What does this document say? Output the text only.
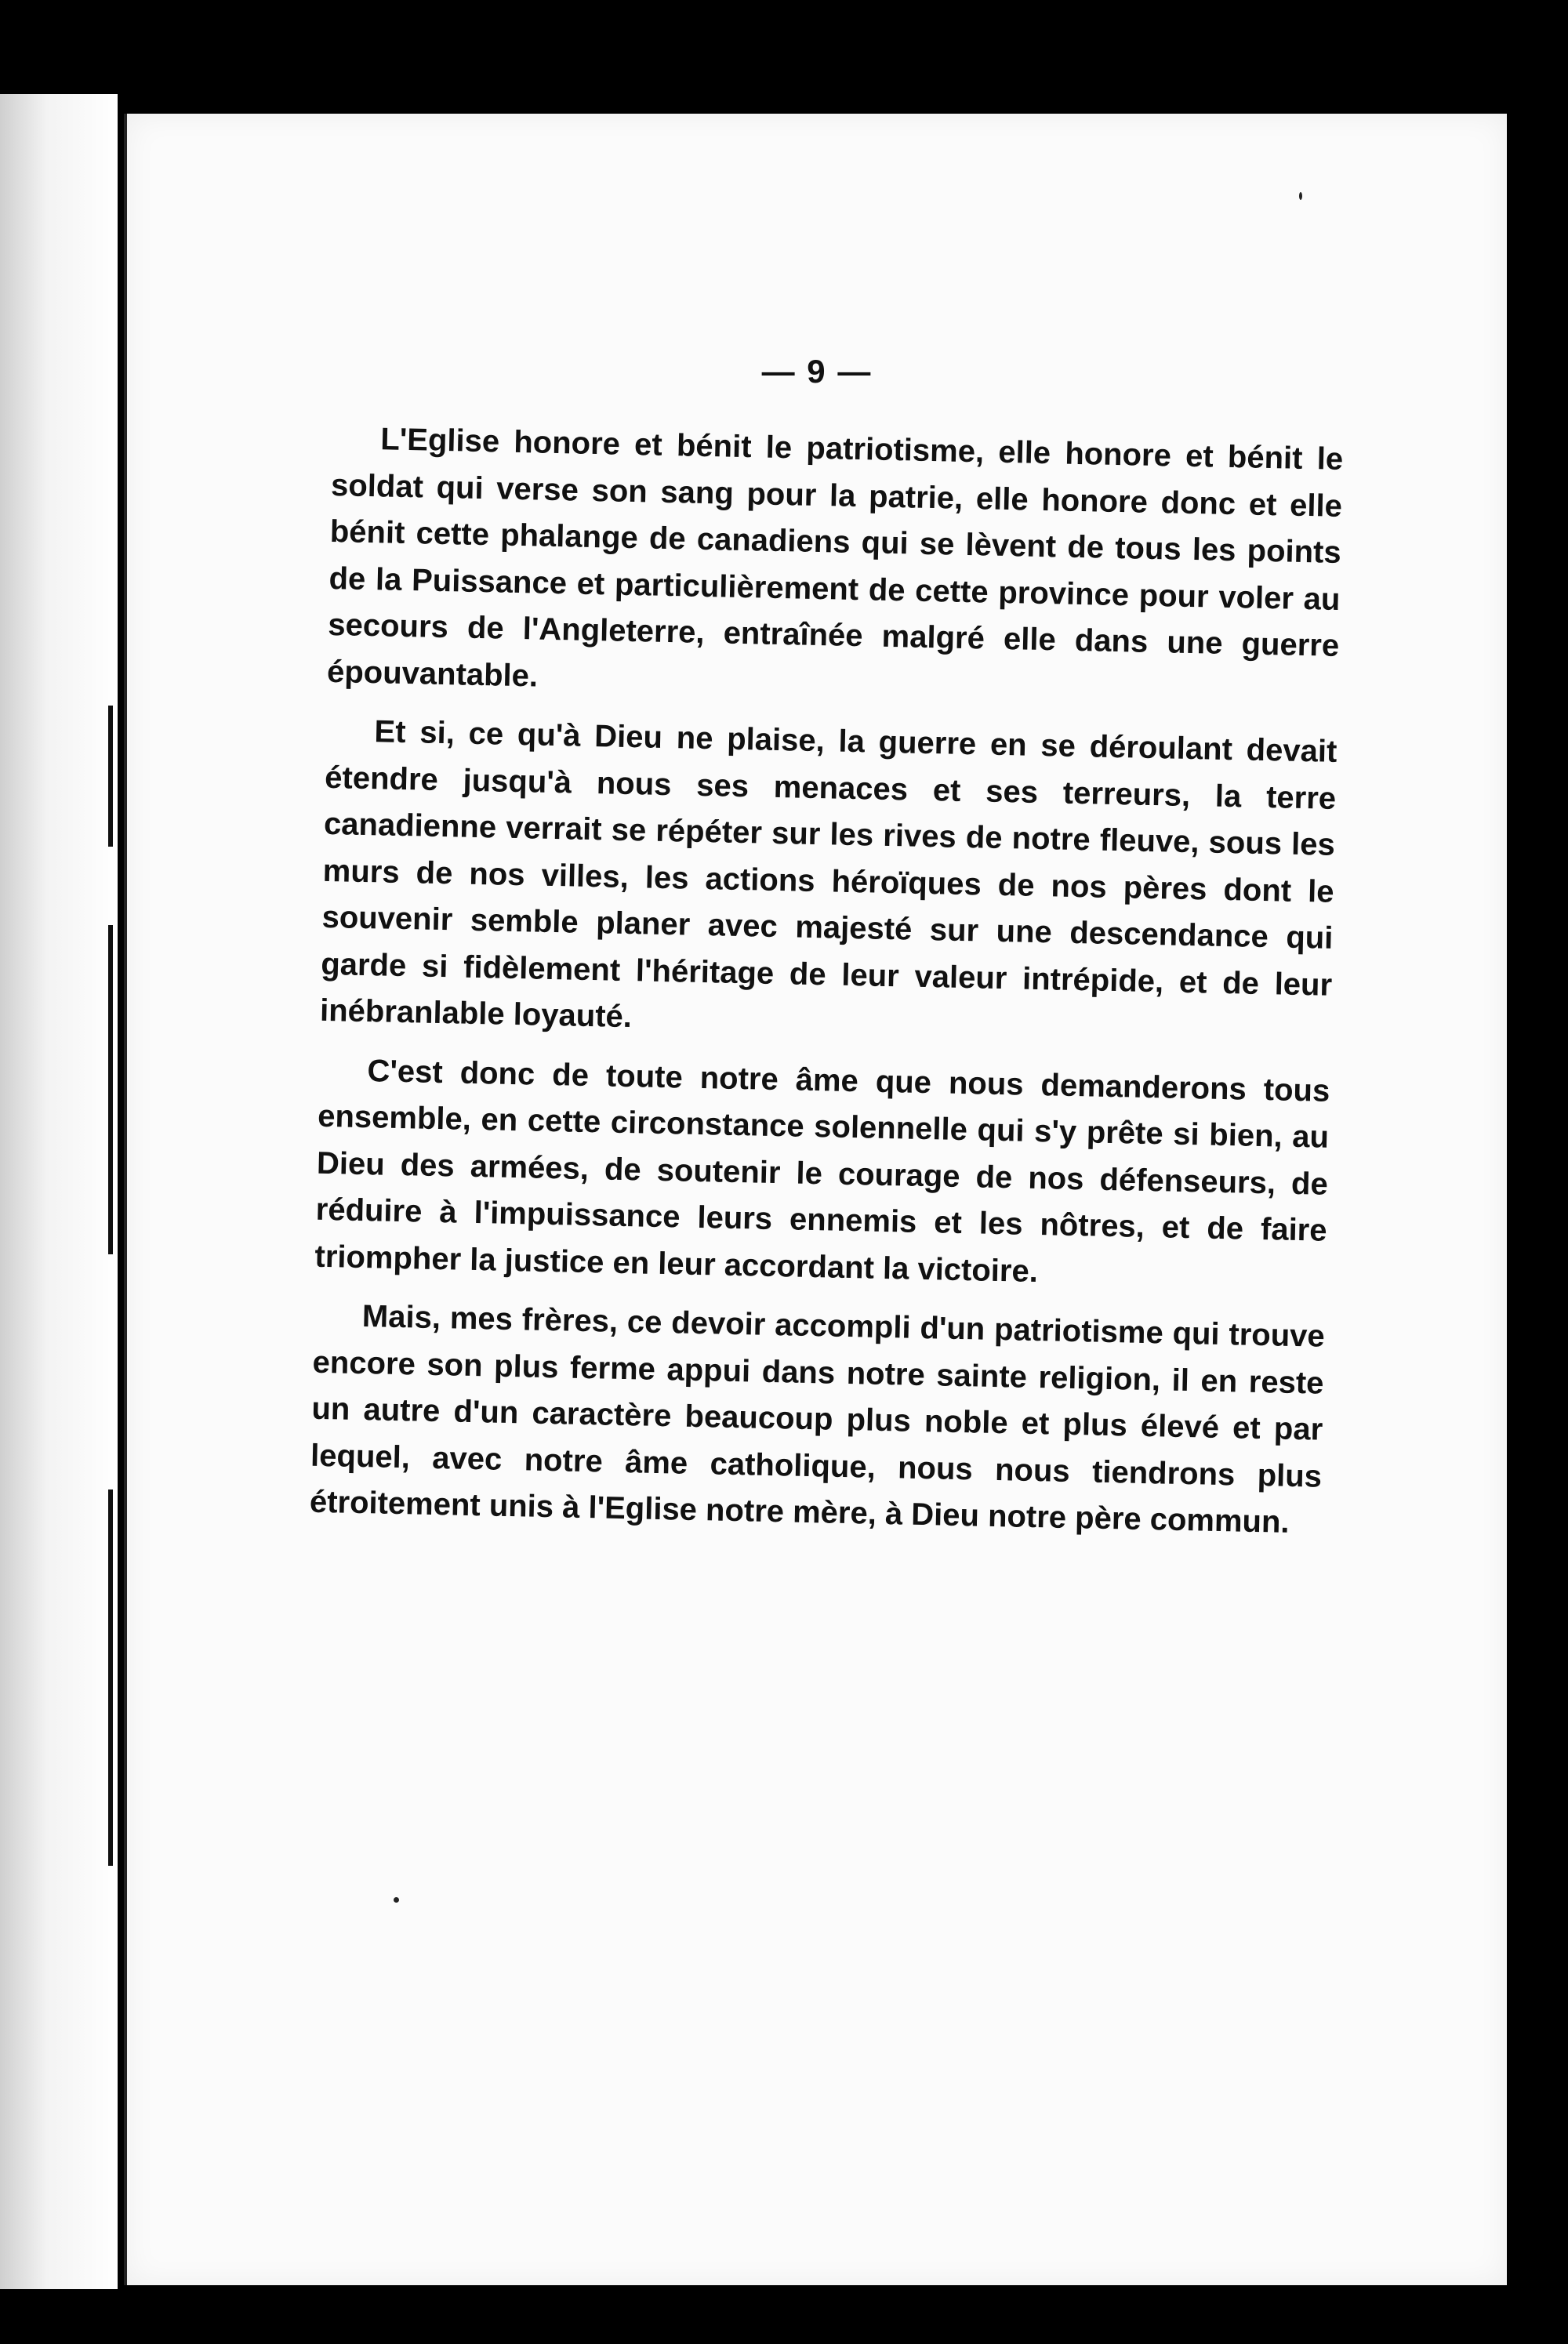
— 9 —

L'Eglise honore et bénit le patriotisme, elle honore et bénit le soldat qui verse son sang pour la patrie, elle honore donc et elle bénit cette phalange de canadiens qui se lèvent de tous les points de la Puissance et particulièrement de cette province pour voler au secours de l'Angleterre, entraînée malgré elle dans une guerre épouvantable.

Et si, ce qu'à Dieu ne plaise, la guerre en se déroulant devait étendre jusqu'à nous ses menaces et ses terreurs, la terre canadienne verrait se répéter sur les rives de notre fleuve, sous les murs de nos villes, les actions héroïques de nos pères dont le souvenir semble planer avec majesté sur une descendance qui garde si fidèlement l'héritage de leur valeur intrépide, et de leur inébranlable loyauté.

C'est donc de toute notre âme que nous demanderons tous ensemble, en cette circonstance solennelle qui s'y prête si bien, au Dieu des armées, de soutenir le courage de nos défenseurs, de réduire à l'impuissance leurs ennemis et les nôtres, et de faire triompher la justice en leur accordant la victoire.

Mais, mes frères, ce devoir accompli d'un patriotisme qui trouve encore son plus ferme appui dans notre sainte religion, il en reste un autre d'un caractère beaucoup plus noble et plus élevé et par lequel, avec notre âme catholique, nous nous tiendrons plus étroitement unis à l'Eglise notre mère, à Dieu notre père commun.
